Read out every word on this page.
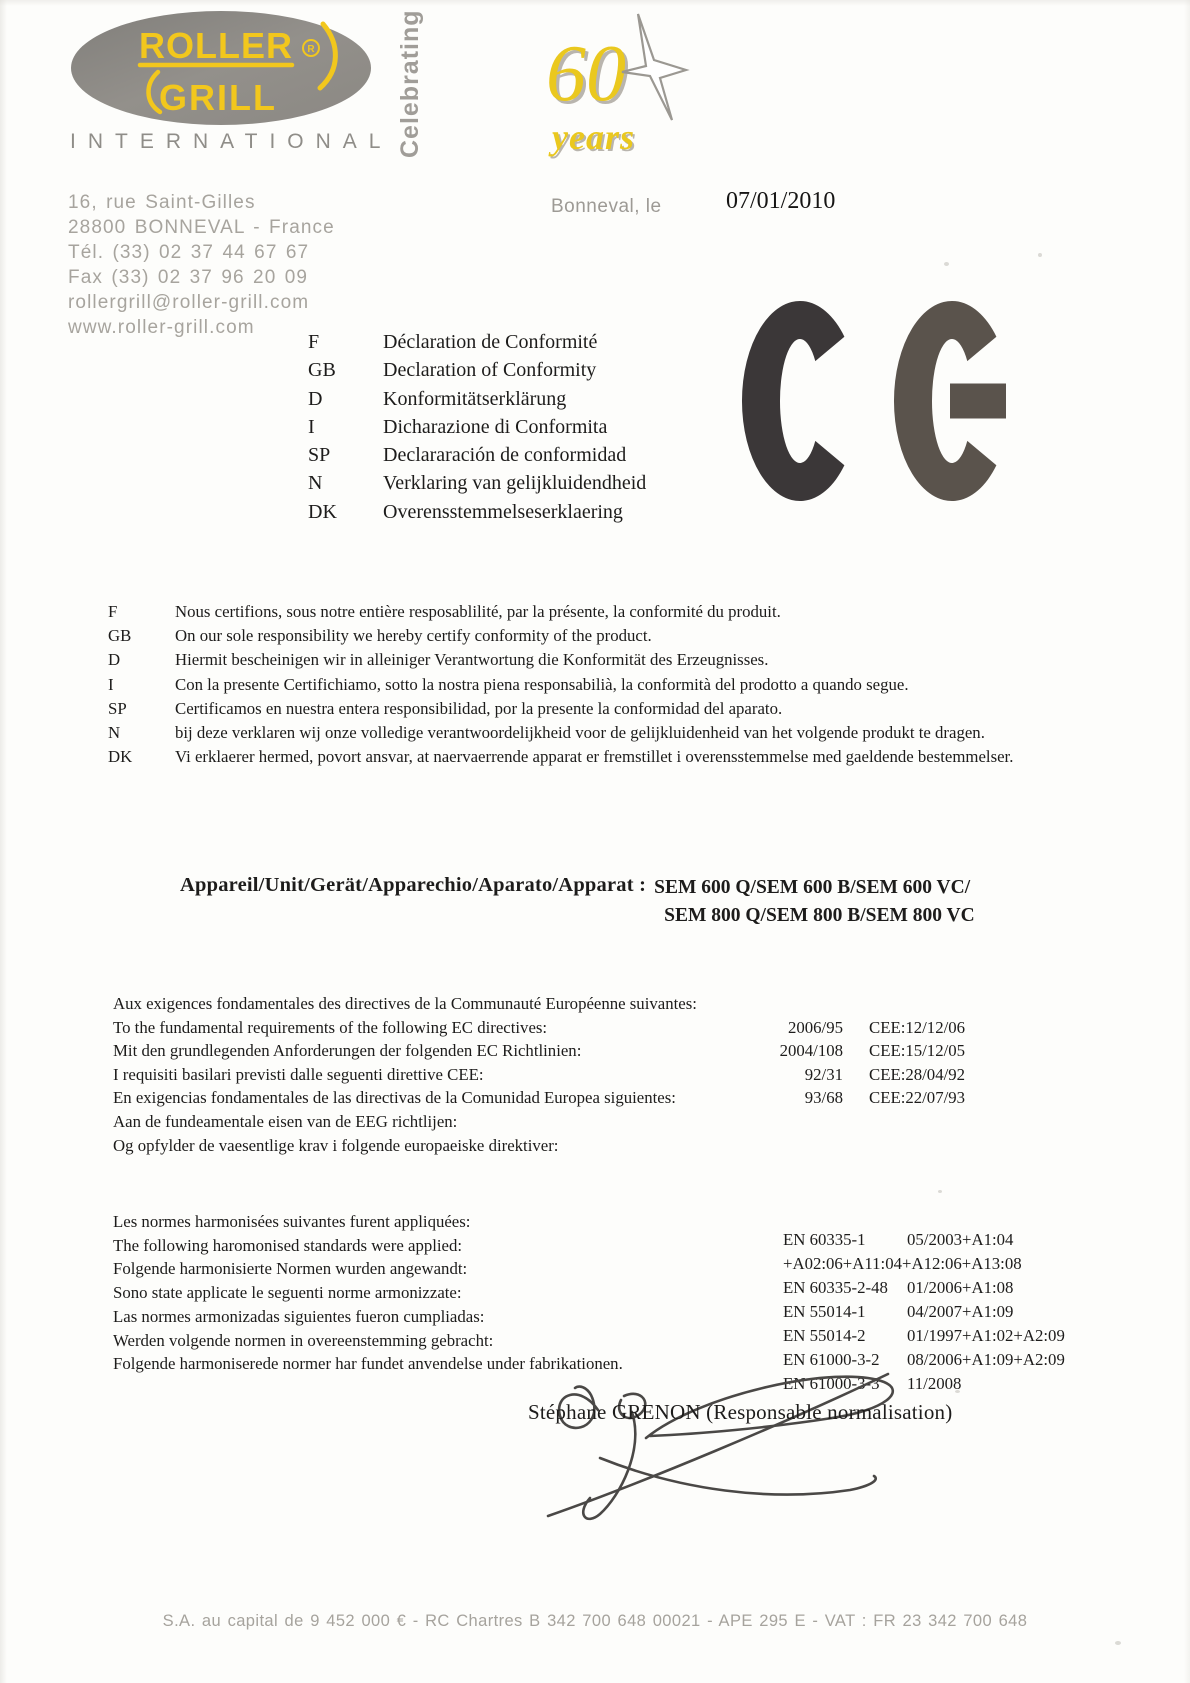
ROLLER
GRILL
R
INTERNATIONAL Celebrating	60
years
16, rue Saint-Gilles
28800 BONNEVAL - France
Tél. (33) 02 37 44 67 67
Fax (33) 02 37 96 20 09
rollergrill@roller-grill.com
www.roller-grill.com
Bonneval, le	07/01/2010
F	Déclaration de Conformité
GB	Declaration of Conformity
D	Konformitätserklärung
I	Dicharazione di Conformita
SP	Declararación de conformidad
N	Verklaring van gelijkluidendheid
DK	Overensstemmelseserklaering
F	Nous certifions, sous notre entière resposablilité, par la présente, la conformité du produit.
GB	On our sole responsibility we hereby certify conformity of the product.
D	Hiermit bescheinigen wir in alleiniger Verantwortung die Konformität des Erzeugnisses.
I	Con la presente Certifichiamo, sotto la nostra piena responsabilià, la conformità del prodotto a quando segue.
SP	Certificamos en nuestra entera responsibilidad, por la presente la conformidad del aparato.
N	bij deze verklaren wij onze volledige verantwoordelijkheid voor de gelijkluidenheid van het volgende produkt te dragen.
DK	Vi erklaerer hermed, povort ansvar, at naervaerrende apparat er fremstillet i overensstemmelse med gaeldende bestemmelser.
Appareil/Unit/Gerät/Apparechio/Aparato/Apparat : SEM 600 Q/SEM 600 B/SEM 600 VC/
SEM 800 Q/SEM 800 B/SEM 800 VC
Aux exigences fondamentales des directives de la Communauté Européenne suivantes:
To the fundamental requirements of the following EC directives:	2006/95 CEE:12/12/06
Mit den grundlegenden Anforderungen der folgenden EC Richtlinien:	2004/108 CEE:15/12/05
I requisiti basilari previsti dalle seguenti direttive CEE:	92/31 CEE:28/04/92
En exigencias fondamentales de las directivas de la Comunidad Europea siguientes:	93/68 CEE:22/07/93
Aan de fundeamentale eisen van de EEG richtlijen:
Og opfylder de vaesentlige krav i folgende europaeiske direktiver:
Les normes harmonisées suivantes furent appliquées:
The following haromonised standards were applied:
Folgende harmonisierte Normen wurden angewandt:
Sono state applicate le seguenti norme armonizzate:
Las normes armonizadas siguientes fueron cumpliadas:
Werden volgende normen in overeenstemming gebracht:
Folgende harmoniserede normer har fundet anvendelse under fabrikationen.
EN 60335-1 05/2003+A1:04
+A02:06+A11:04+A12:06+A13:08
EN 60335-2-48 01/2006+A1:08
EN 55014-1 04/2007+A1:09
EN 55014-2 01/1997+A1:02+A2:09
EN 61000-3-2 08/2006+A1:09+A2:09
EN 61000-3-3 11/2008
Stéphane GRENON (Responsable normalisation)
S.A. au capital de 9 452 000 € - RC Chartres B 342 700 648 00021 - APE 295 E - VAT : FR 23 342 700 648
